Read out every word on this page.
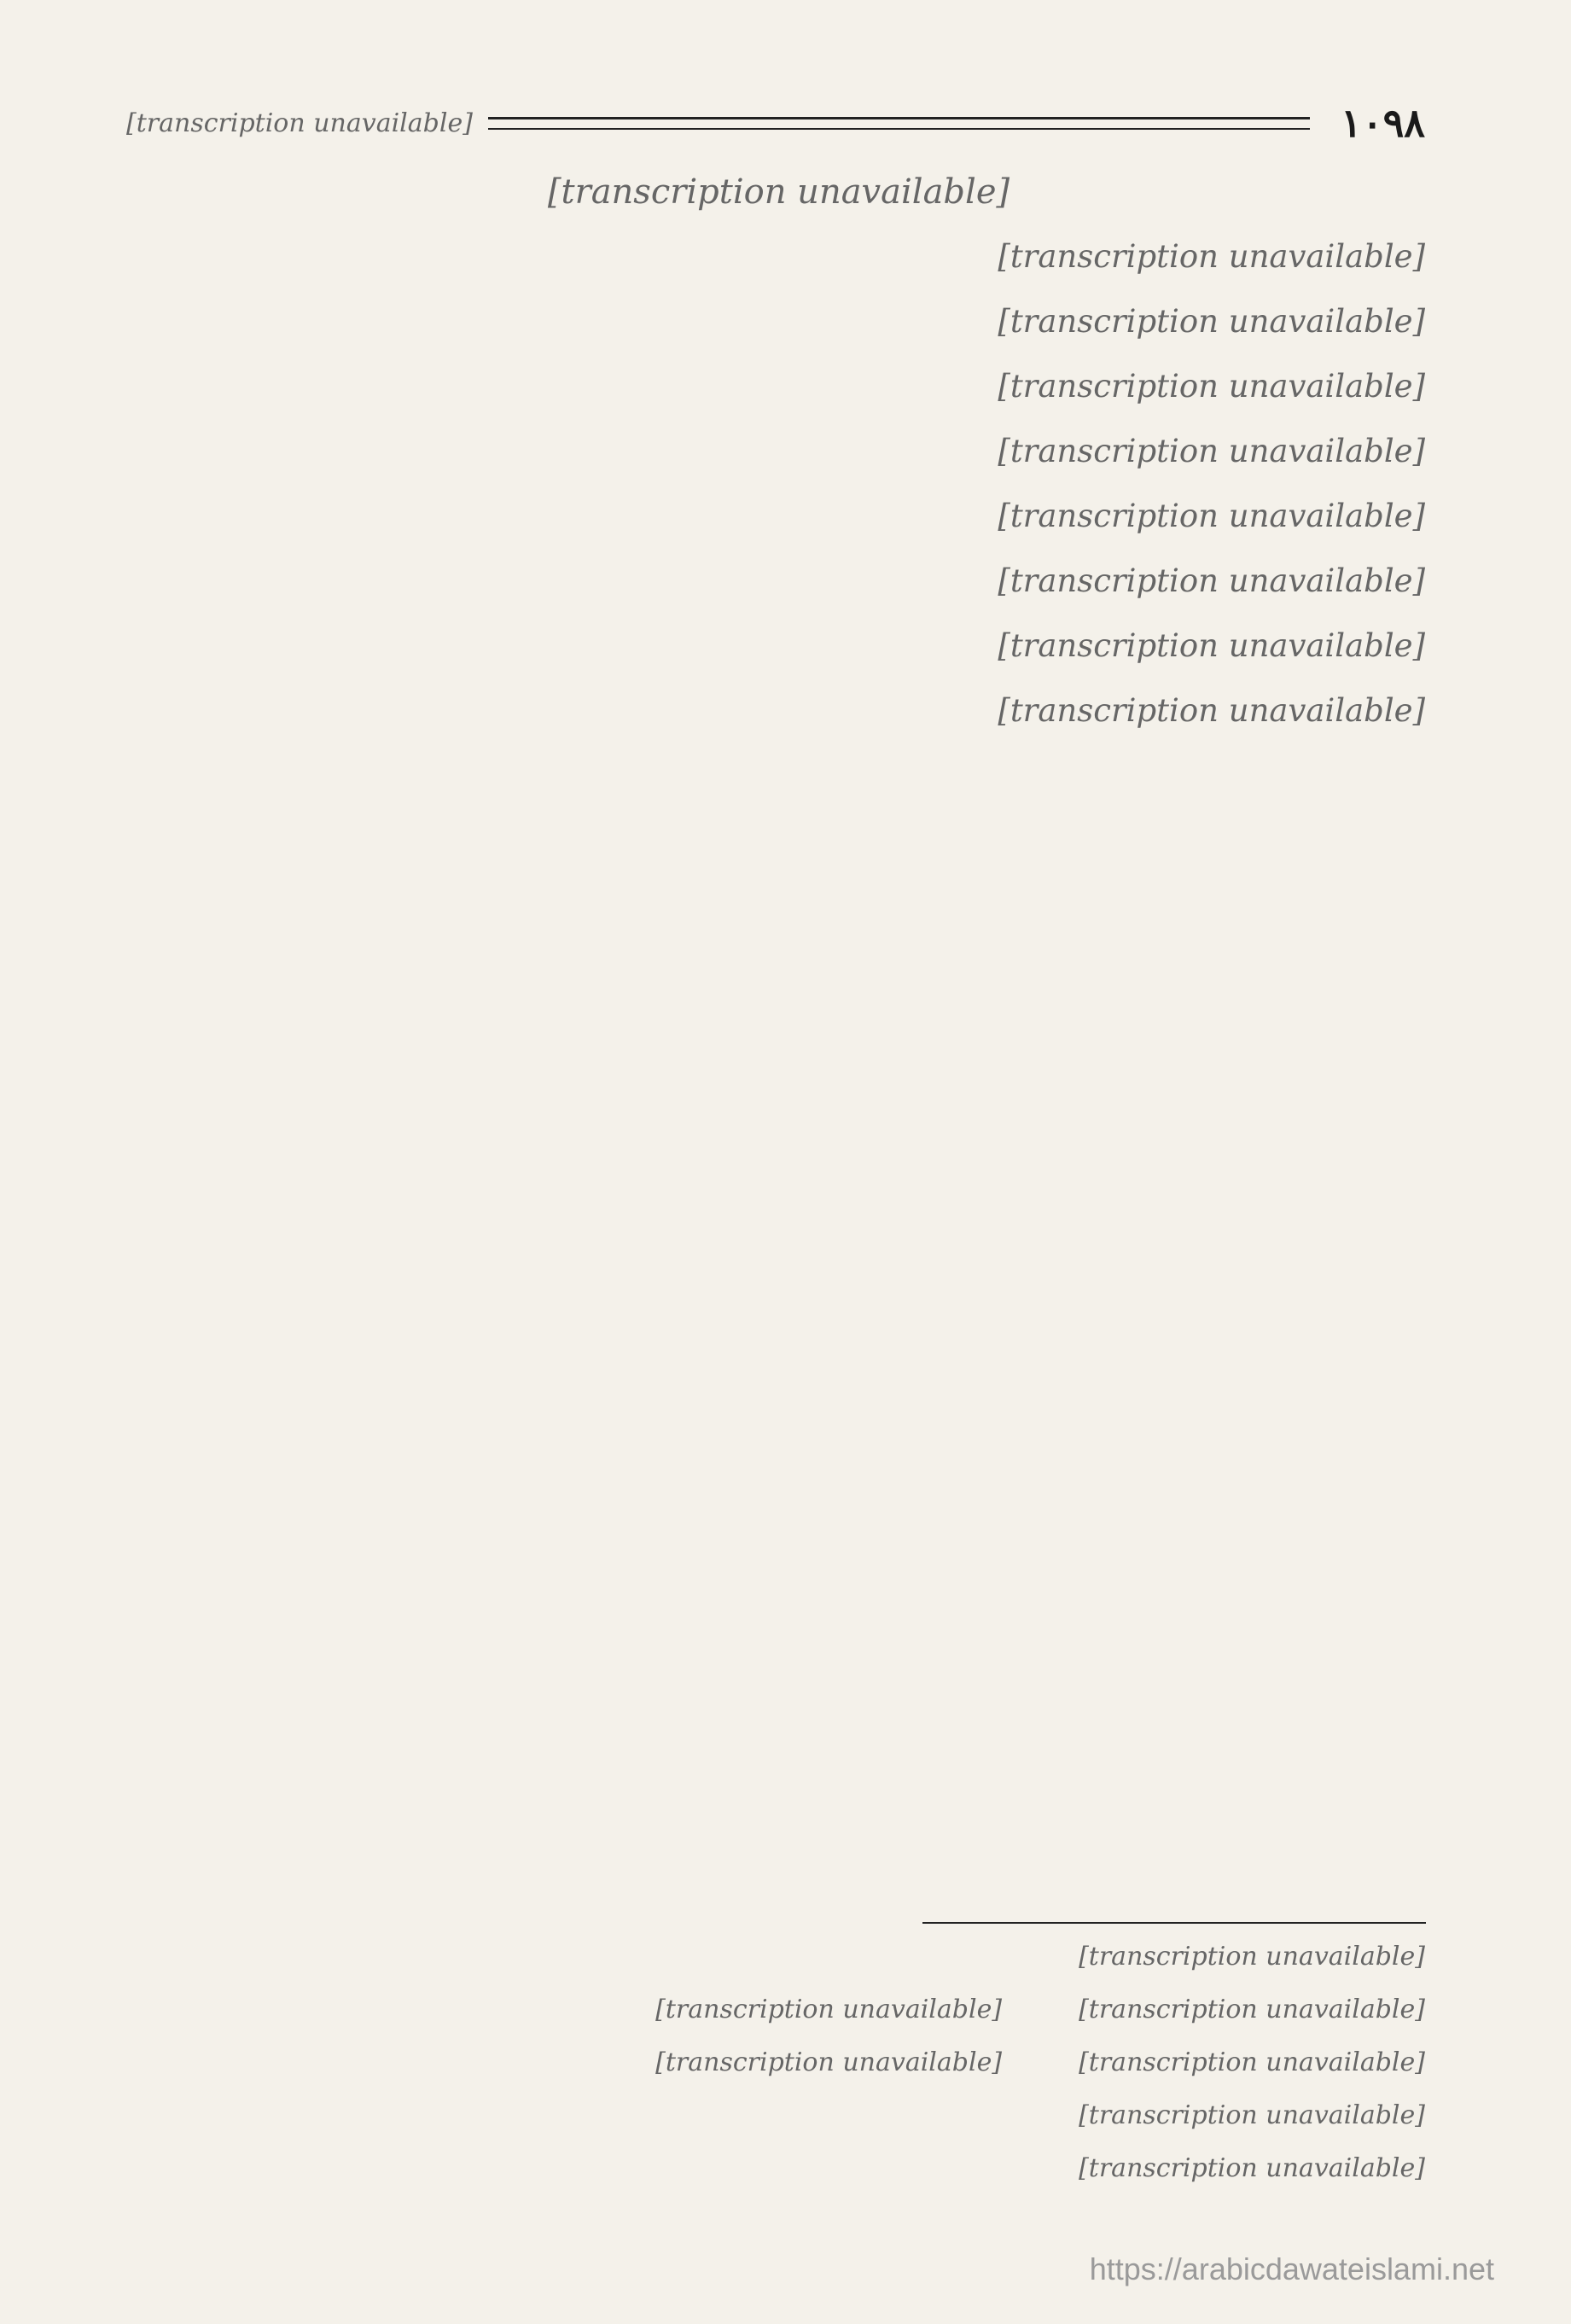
١٠٩٨
[transcription unavailable]
[transcription unavailable]

[transcription unavailable]

[transcription unavailable]

[transcription unavailable]

[transcription unavailable]

[transcription unavailable]

[transcription unavailable]

[transcription unavailable]

[transcription unavailable]

[transcription unavailable]
[transcription unavailable]
[transcription unavailable]
[transcription unavailable]
[transcription unavailable]
[transcription unavailable]
[transcription unavailable]
https://arabicdawateislami.net
